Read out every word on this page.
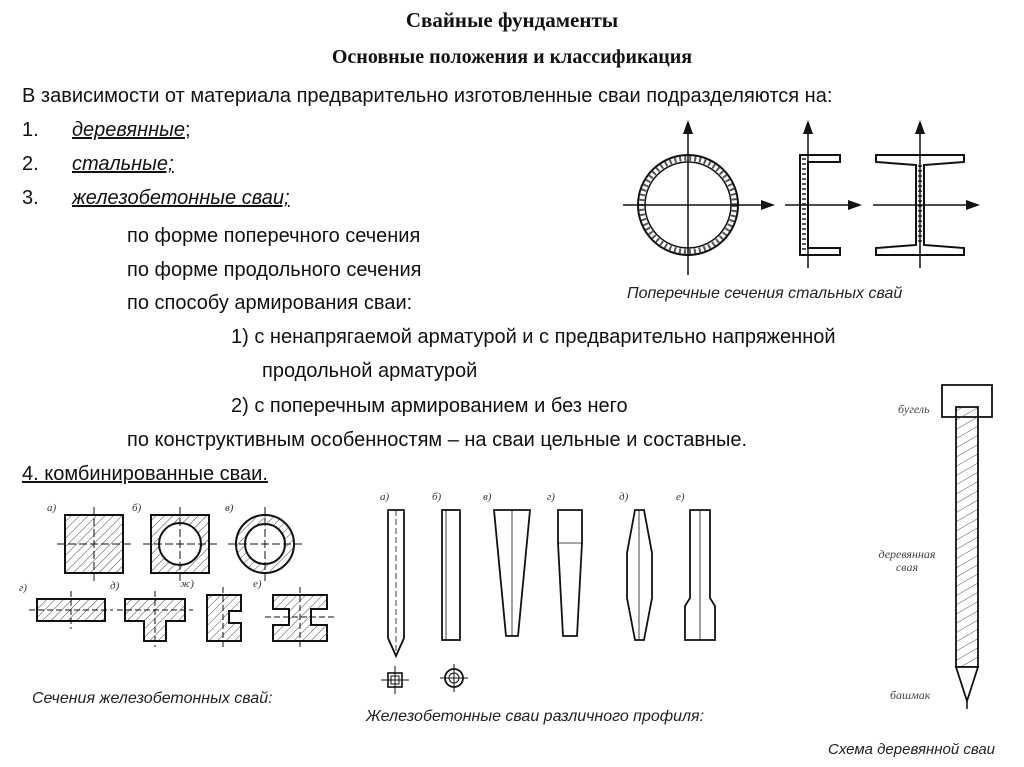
Свайные фундаменты
Основные положения и классификация
В зависимости от материала предварительно изготовленные сваи подразделяются на:
1. деревянные;
2. стальные;
3. железобетонные сваи;
по форме поперечного сечения
по форме продольного сечения
по способу армирования сваи:
1) с ненапрягаемой арматурой и с предварительно напряженной
продольной арматурой
2) с поперечным армированием и без него
по конструктивным особенностям – на сваи цельные и составные.
4. комбинированные сваи.
Поперечные сечения стальных свай
а)	б)	в)
г)	д)	ж)	е)
Сечения железобетонных свай:
а)	б)	в)	г)	д)	е)
Железобетонные сваи различного профиля:
бугель
деревянная свая
башмак
Схема деревянной сваи
